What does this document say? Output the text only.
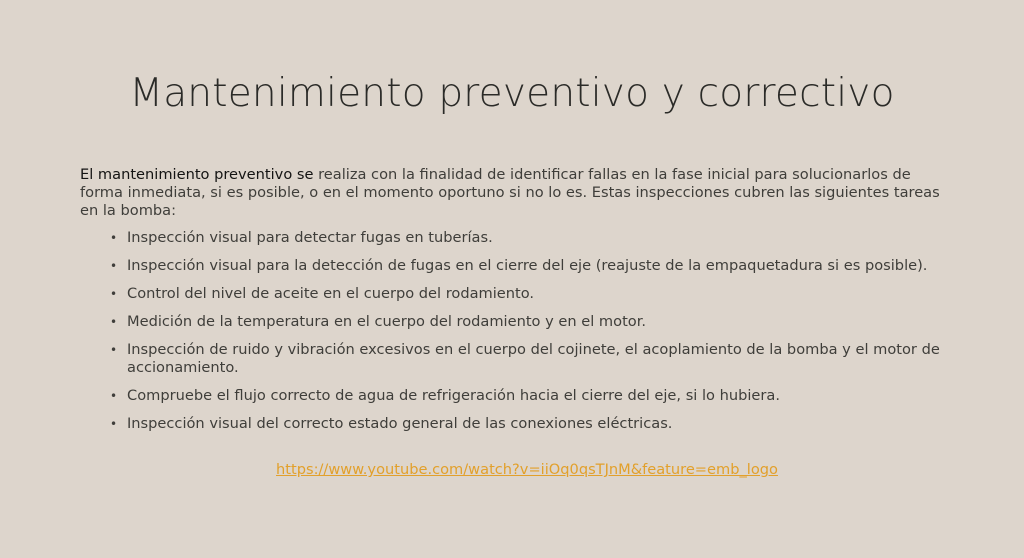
Mantenimiento preventivo y correctivo
El mantenimiento preventivo se realiza con la finalidad de identificar fallas en la fase inicial para solucionarlos de forma inmediata, si es posible, o en el momento oportuno si no lo es. Estas inspecciones cubren las siguientes tareas en la bomba:
• Inspección visual para detectar fugas en tuberías.
• Inspección visual para la detección de fugas en el cierre del eje (reajuste de la empaquetadura si es posible).
• Control del nivel de aceite en el cuerpo del rodamiento.
• Medición de la temperatura en el cuerpo del rodamiento y en el motor.
• Inspección de ruido y vibración excesivos en el cuerpo del cojinete, el acoplamiento de la bomba y el motor de accionamiento.
• Compruebe el flujo correcto de agua de refrigeración hacia el cierre del eje, si lo hubiera.
• Inspección visual del correcto estado general de las conexiones eléctricas.
https://www.youtube.com/watch?v=iiOq0qsTJnM&feature=emb_logo
